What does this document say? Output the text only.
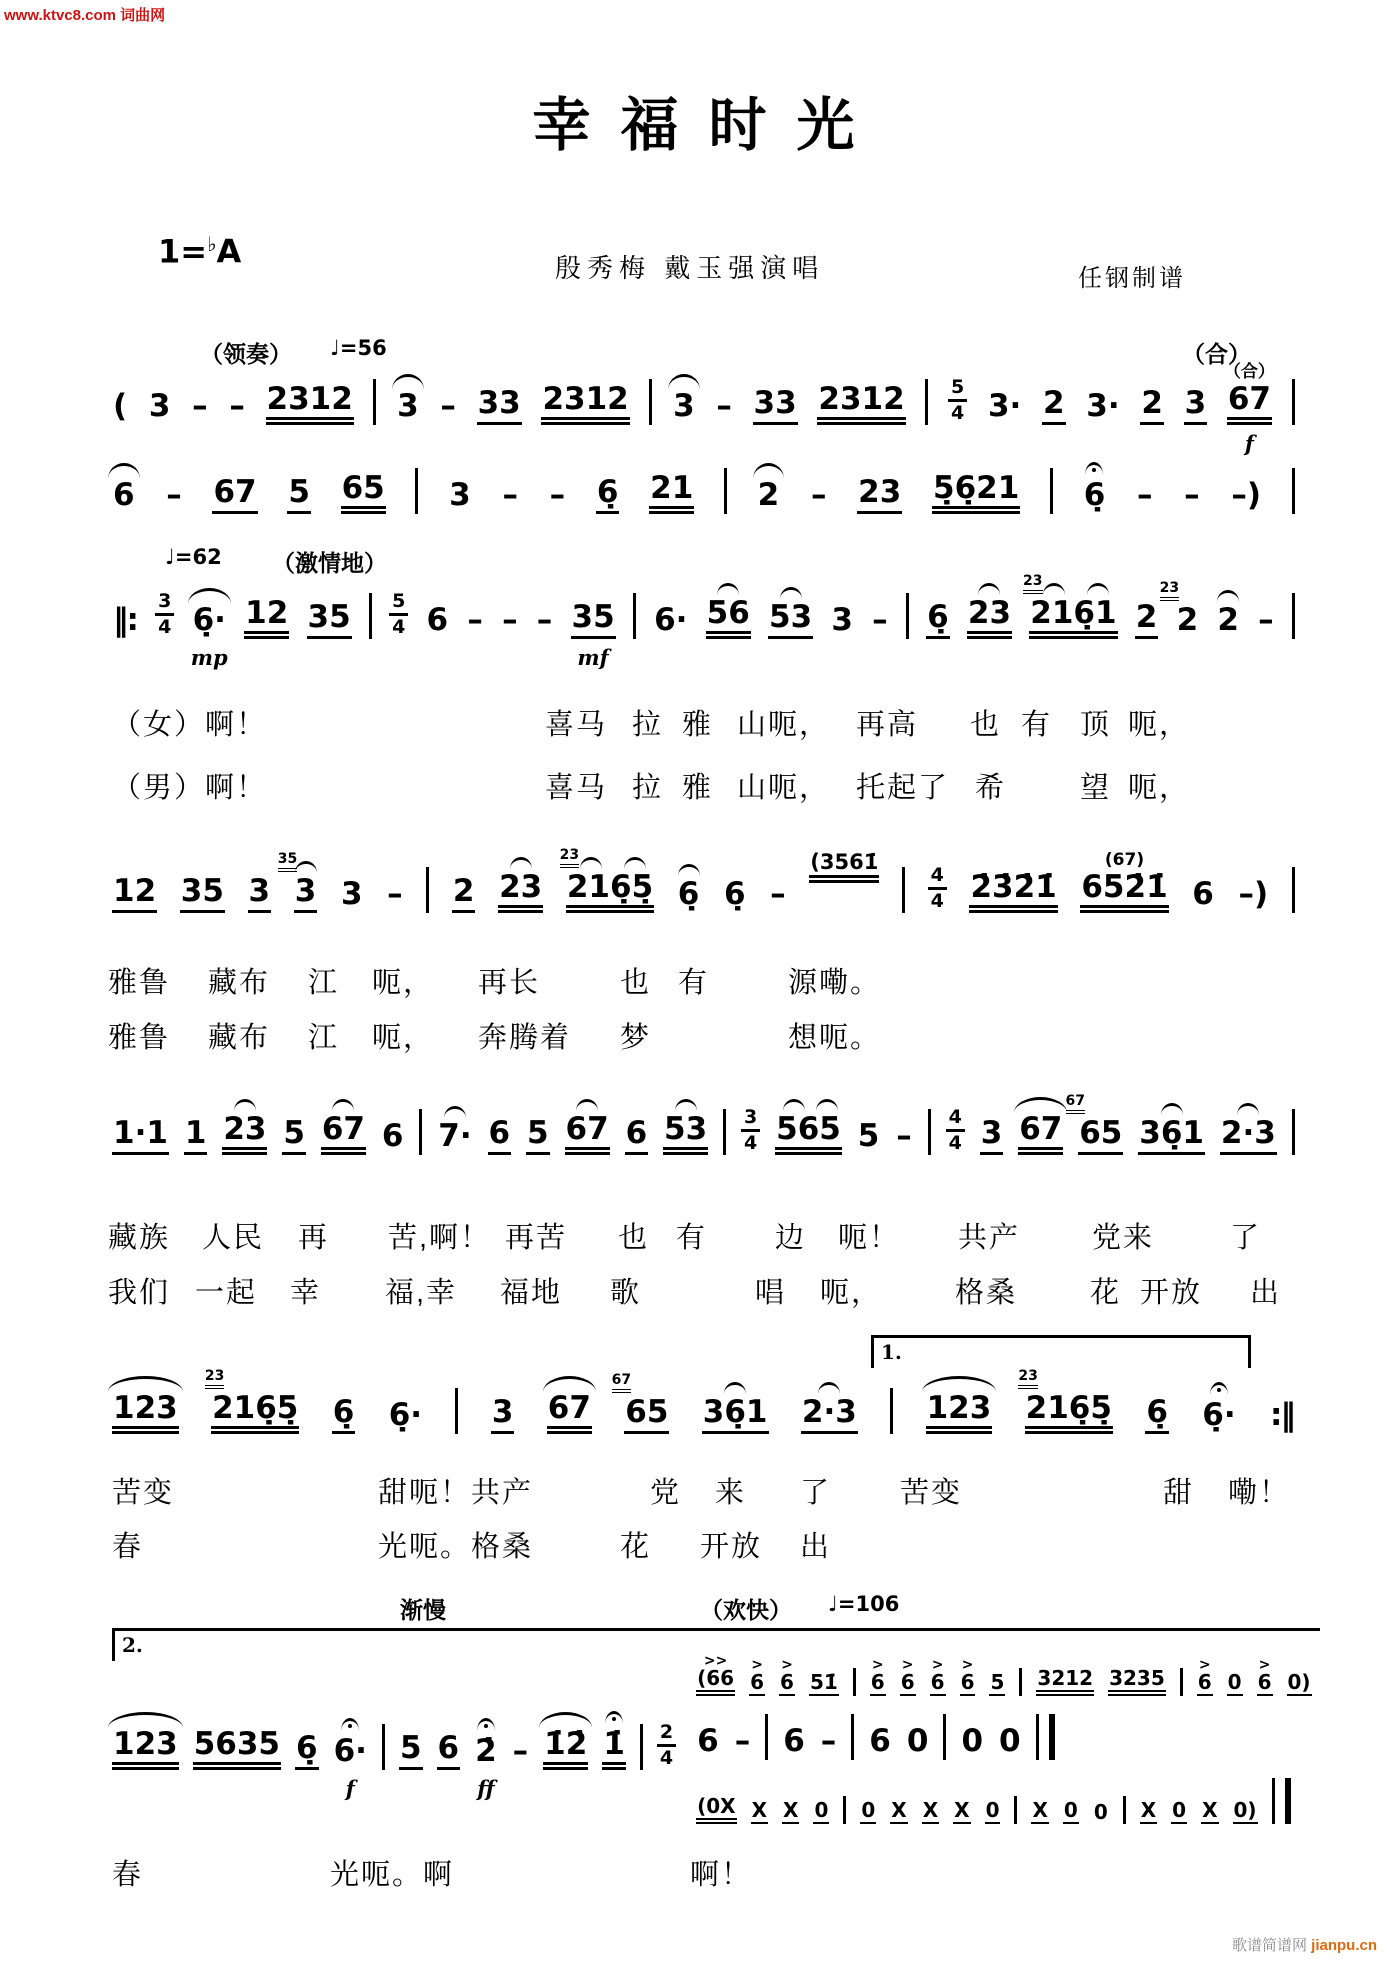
www.ktvc8.com 词曲网
幸福时光
1=♭A	殷秀梅 戴玉强演唱	任钢制谱
（领奏） ♩=56	（合）
( 3 – – 2312 3 – 33 2312 3 – 33 2312 5
4 3· 2 3· 2 3 67
（合）
f
6 – 67 5 65 3 – – 6̣ 21 2 – 23 5̣6̣21 6̣ – – –)
♩=62 （激情地）
‖:
3
4 6̣·
mp
12 35 5
4 6 – – – 35
mf
6· 56 53 3 – 6̣ 23 216̣1
23
2 2
23
2 –
（女）啊！	喜马 拉 雅 山呃， 再高 也 有 顶 呃，
（男）啊！	喜马 拉 雅 山呃， 托起了 希	望 呃，
12 35 3 3
35
3 – 2 23 216̣5̣
23
6̣ 6̣ –
(3561̇
4
4 2̇3̇2̇1̇ 652̇1̇
(67)
6 –)
雅鲁 藏布 江 呃， 再长	也 有	源嘞。
雅鲁 藏布 江 呃， 奔腾着 梦	想呃。
1·1 1 23 5 67 6 7· 6 5 67 6 53 3
4 565 5 –
4
4 3 67 65
67
36̣1 2·3
藏族 人民 再 苦,啊！ 再苦 也 有 边 呃！ 共产 党来	了
我们 一起 幸 福,幸 福地 歌	唱 呃，	格桑	花 开放 出
1.
123 216̣5̣
23
6̣ 6̣· 3 67 65
67
36̣1 2·3 123 216̣5̣
23
6̣ 6̣· :‖
苦变	甜呃！共产	党 来 了 苦变	甜 嘞！
春	光呃。格桑	花 开放 出
渐慢	（欢快） ♩=106
2.
123 5635 6̣ 6·
f
5 6 2̇
ff
– 1̇2̇ 1̇ 2
4
(66
>>
6
>
6
>
51̇ 6
>
6
>
6
>
6
>
5 3212 3235 6
>
0 6
>
0)
6 – 6 – 6 0 0 0
(0X X X 0 0 X X X 0 X 0 0 X 0 X 0)
春	光呃。啊	啊！
歌谱简谱网 jianpu.cn
